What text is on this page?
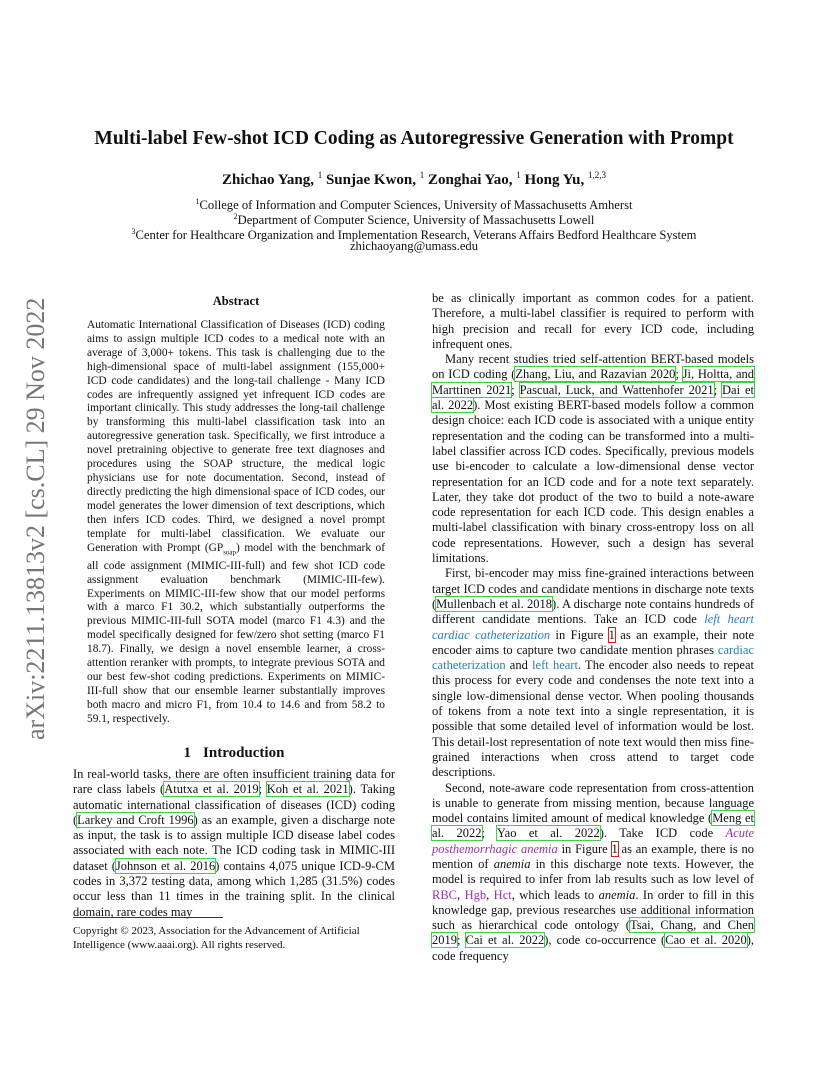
arXiv:2211.13813v2 [cs.CL] 29 Nov 2022
Multi-label Few-shot ICD Coding as Autoregressive Generation with Prompt
Zhichao Yang, $^1$ Sunjae Kwon, $^1$ Zonghai Yao, $^1$ Hong Yu, $^{1,2,3}$
$^1$College of Information and Computer Sciences, University of Massachusetts Amherst
$^2$Department of Computer Science, University of Massachusetts Lowell
$^3$Center for Healthcare Organization and Implementation Research, Veterans Affairs Bedford Healthcare System
zhichaoyang@umass.edu
Abstract
Automatic International Classification of Diseases (ICD) coding aims to assign multiple ICD codes to a medical note with an average of 3,000+ tokens. This task is challenging due to the high-dimensional space of multi-label assignment (155,000+ ICD code candidates) and the long-tail challenge - Many ICD codes are infrequently assigned yet infrequent ICD codes are important clinically. This study addresses the long-tail challenge by transforming this multi-label classification task into an autoregressive generation task. Specifically, we first introduce a novel pretraining objective to generate free text diagnoses and procedures using the SOAP structure, the medical logic physicians use for note documentation. Second, instead of directly predicting the high dimensional space of ICD codes, our model generates the lower dimension of text descriptions, which then infers ICD codes. Third, we designed a novel prompt template for multi-label classification. We evaluate our Generation with Prompt $(GP_{soap})$ model with the benchmark of all code assignment (MIMIC-III-full) and few shot ICD code assignment evaluation benchmark (MIMIC-III-few). Experiments on MIMIC-III-few show that our model performs with a marco F1 30.2, which substantially outperforms the previous MIMIC-III-full SOTA model (marco F1 4.3) and the model specifically designed for few/zero shot setting (marco F1 18.7). Finally, we design a novel ensemble learner, a cross-attention reranker with prompts, to integrate previous SOTA and our best few-shot coding predictions. Experiments on MIMIC-III-full show that our ensemble learner substantially improves both macro and micro F1, from 10.4 to 14.6 and from 58.2 to 59.1, respectively.
1 Introduction
In real-world tasks, there are often insufficient training data for rare class labels (Atutxa et al. 2019; Koh et al. 2021). Taking automatic international classification of diseases (ICD) coding (Larkey and Croft 1996) as an example, given a discharge note as input, the task is to assign multiple ICD disease label codes associated with each note. The ICD coding task in MIMIC-III dataset (Johnson et al. 2016) contains 4,075 unique ICD-9-CM codes in 3,372 testing data, among which 1,285 (31.5%) codes occur less than 11 times in the training split. In the clinical domain, rare codes may
Copyright © 2023, Association for the Advancement of Artificial Intelligence (www.aaai.org). All rights reserved.

be as clinically important as common codes for a patient. Therefore, a multi-label classifier is required to perform with high precision and recall for every ICD code, including infrequent ones.

Many recent studies tried self-attention BERT-based models on ICD coding (Zhang, Liu, and Razavian 2020; Ji, Holtta, and Marttinen 2021; Pascual, Luck, and Wattenhofer 2021; Dai et al. 2022). Most existing BERT-based models follow a common design choice: each ICD code is associated with a unique entity representation and the coding can be transformed into a multi-label classifier across ICD codes. Specifically, previous models use bi-encoder to calculate a low-dimensional dense vector representation for an ICD code and for a note text separately. Later, they take dot product of the two to build a note-aware code representation for each ICD code. This design enables a multi-label classification with binary cross-entropy loss on all code representations. However, such a design has several limitations.

First, bi-encoder may miss fine-grained interactions between target ICD codes and candidate mentions in discharge note texts (Mullenbach et al. 2018). A discharge note contains hundreds of different candidate mentions. Take an ICD code left heart cardiac catheterization in Figure 1 as an example, their note encoder aims to capture two candidate mention phrases cardiac catheterization and left heart. The encoder also needs to repeat this process for every code and condenses the note text into a single low-dimensional dense vector. When pooling thousands of tokens from a note text into a single representation, it is possible that some detailed level of information would be lost. This detail-lost representation of note text would then miss fine-grained interactions when cross attend to target code descriptions.

Second, note-aware code representation from cross-attention is unable to generate from missing mention, because language model contains limited amount of medical knowledge (Meng et al. 2022; Yao et al. 2022). Take ICD code Acute posthemorrhagic anemia in Figure 1 as an example, there is no mention of anemia in this discharge note texts. However, the model is required to infer from lab results such as low level of RBC, Hgb, Hct, which leads to anemia. In order to fill in this knowledge gap, previous researches use additional information such as hierarchical code ontology (Tsai, Chang, and Chen 2019; Cai et al. 2022), code co-occurrence (Cao et al. 2020), code frequency
